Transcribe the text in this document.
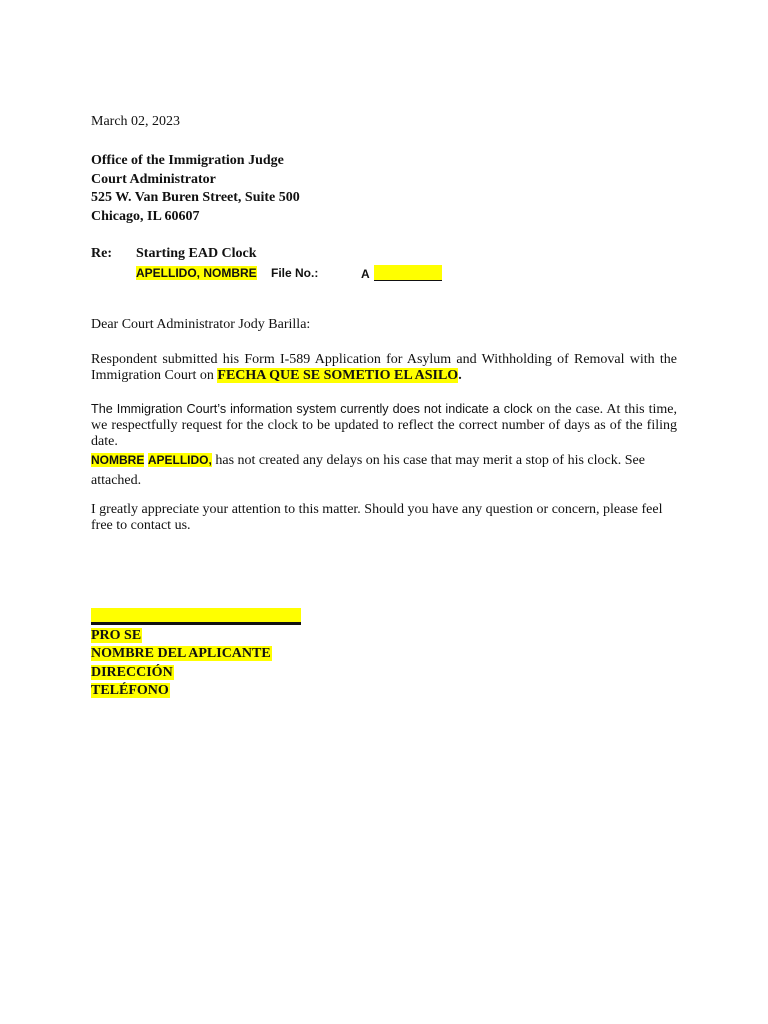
March 02, 2023
Office of the Immigration Judge
Court Administrator
525 W. Van Buren Street, Suite 500
Chicago, IL 60607
Re: Starting EAD Clock
APELLIDO, NOMBRE File No.:	A
Dear Court Administrator Jody Barilla:
Respondent submitted his Form I-589 Application for Asylum and Withholding of Removal with the Immigration Court on FECHA QUE SE SOMETIO EL ASILO.
The Immigration Court’s information system currently does not indicate a clock on the case. At this time, we respectfully request for the clock to be updated to reflect the correct number of days as of the filing date.
NOMBRE APELLIDO, has not created any delays on his case that may merit a stop of his clock. See attached.
I greatly appreciate your attention to this matter. Should you have any question or concern, please feel free to contact us.
PRO SE
NOMBRE DEL APLICANTE
DIRECCIÓN
TELÉFONO
